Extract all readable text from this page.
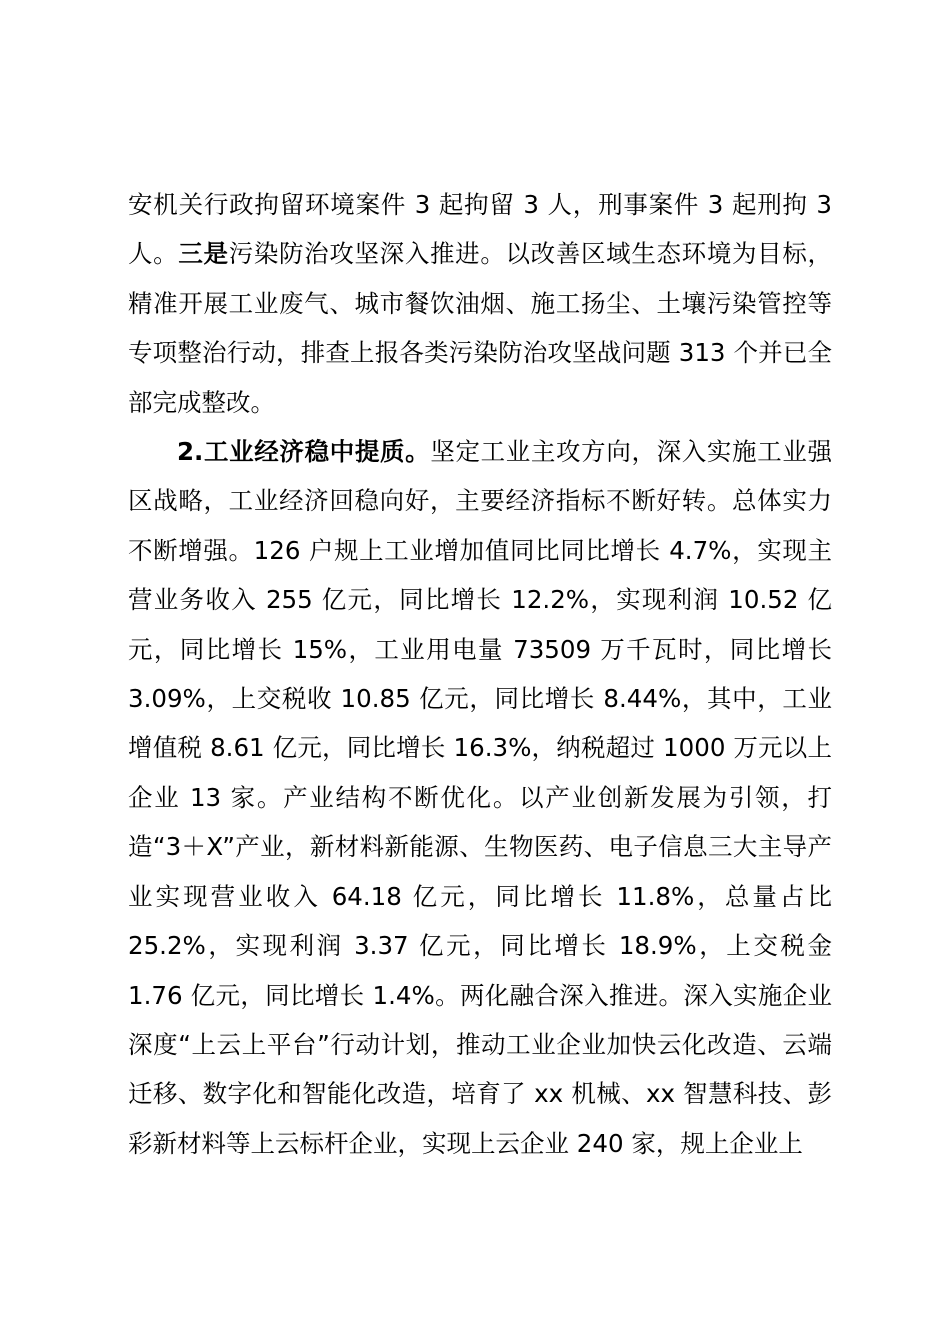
安机关行政拘留环境案件 3 起拘留 3 人，刑事案件 3 起刑拘 3 人。三是污染防治攻坚深入推进。以改善区域生态环境为目标，精准开展工业废气、城市餐饮油烟、施工扬尘、土壤污染管控等专项整治行动，排查上报各类污染防治攻坚战问题 313 个并已全部完成整改。

2.工业经济稳中提质。坚定工业主攻方向，深入实施工业强区战略，工业经济回稳向好，主要经济指标不断好转。总体实力不断增强。126 户规上工业增加值同比同比增长 4.7%，实现主营业务收入 255 亿元，同比增长 12.2%，实现利润 10.52 亿元，同比增长 15%，工业用电量 73509 万千瓦时，同比增长 3.09%，上交税收 10.85 亿元，同比增长 8.44%，其中，工业增值税 8.61 亿元，同比增长 16.3%，纳税超过 1000 万元以上企业 13 家。产业结构不断优化。以产业创新发展为引领，打造“3＋X”产业，新材料新能源、生物医药、电子信息三大主导产业实现营业收入 64.18 亿元，同比增长 11.8%，总量占比 25.2%，实现利润 3.37 亿元，同比增长 18.9%，上交税金 1.76 亿元，同比增长 1.4%。两化融合深入推进。深入实施企业深度“上云上平台”行动计划，推动工业企业加快云化改造、云端迁移、数字化和智能化改造，培育了 xx 机械、xx 智慧科技、彭彩新材料等上云标杆企业，实现上云企业 240 家，规上企业上
